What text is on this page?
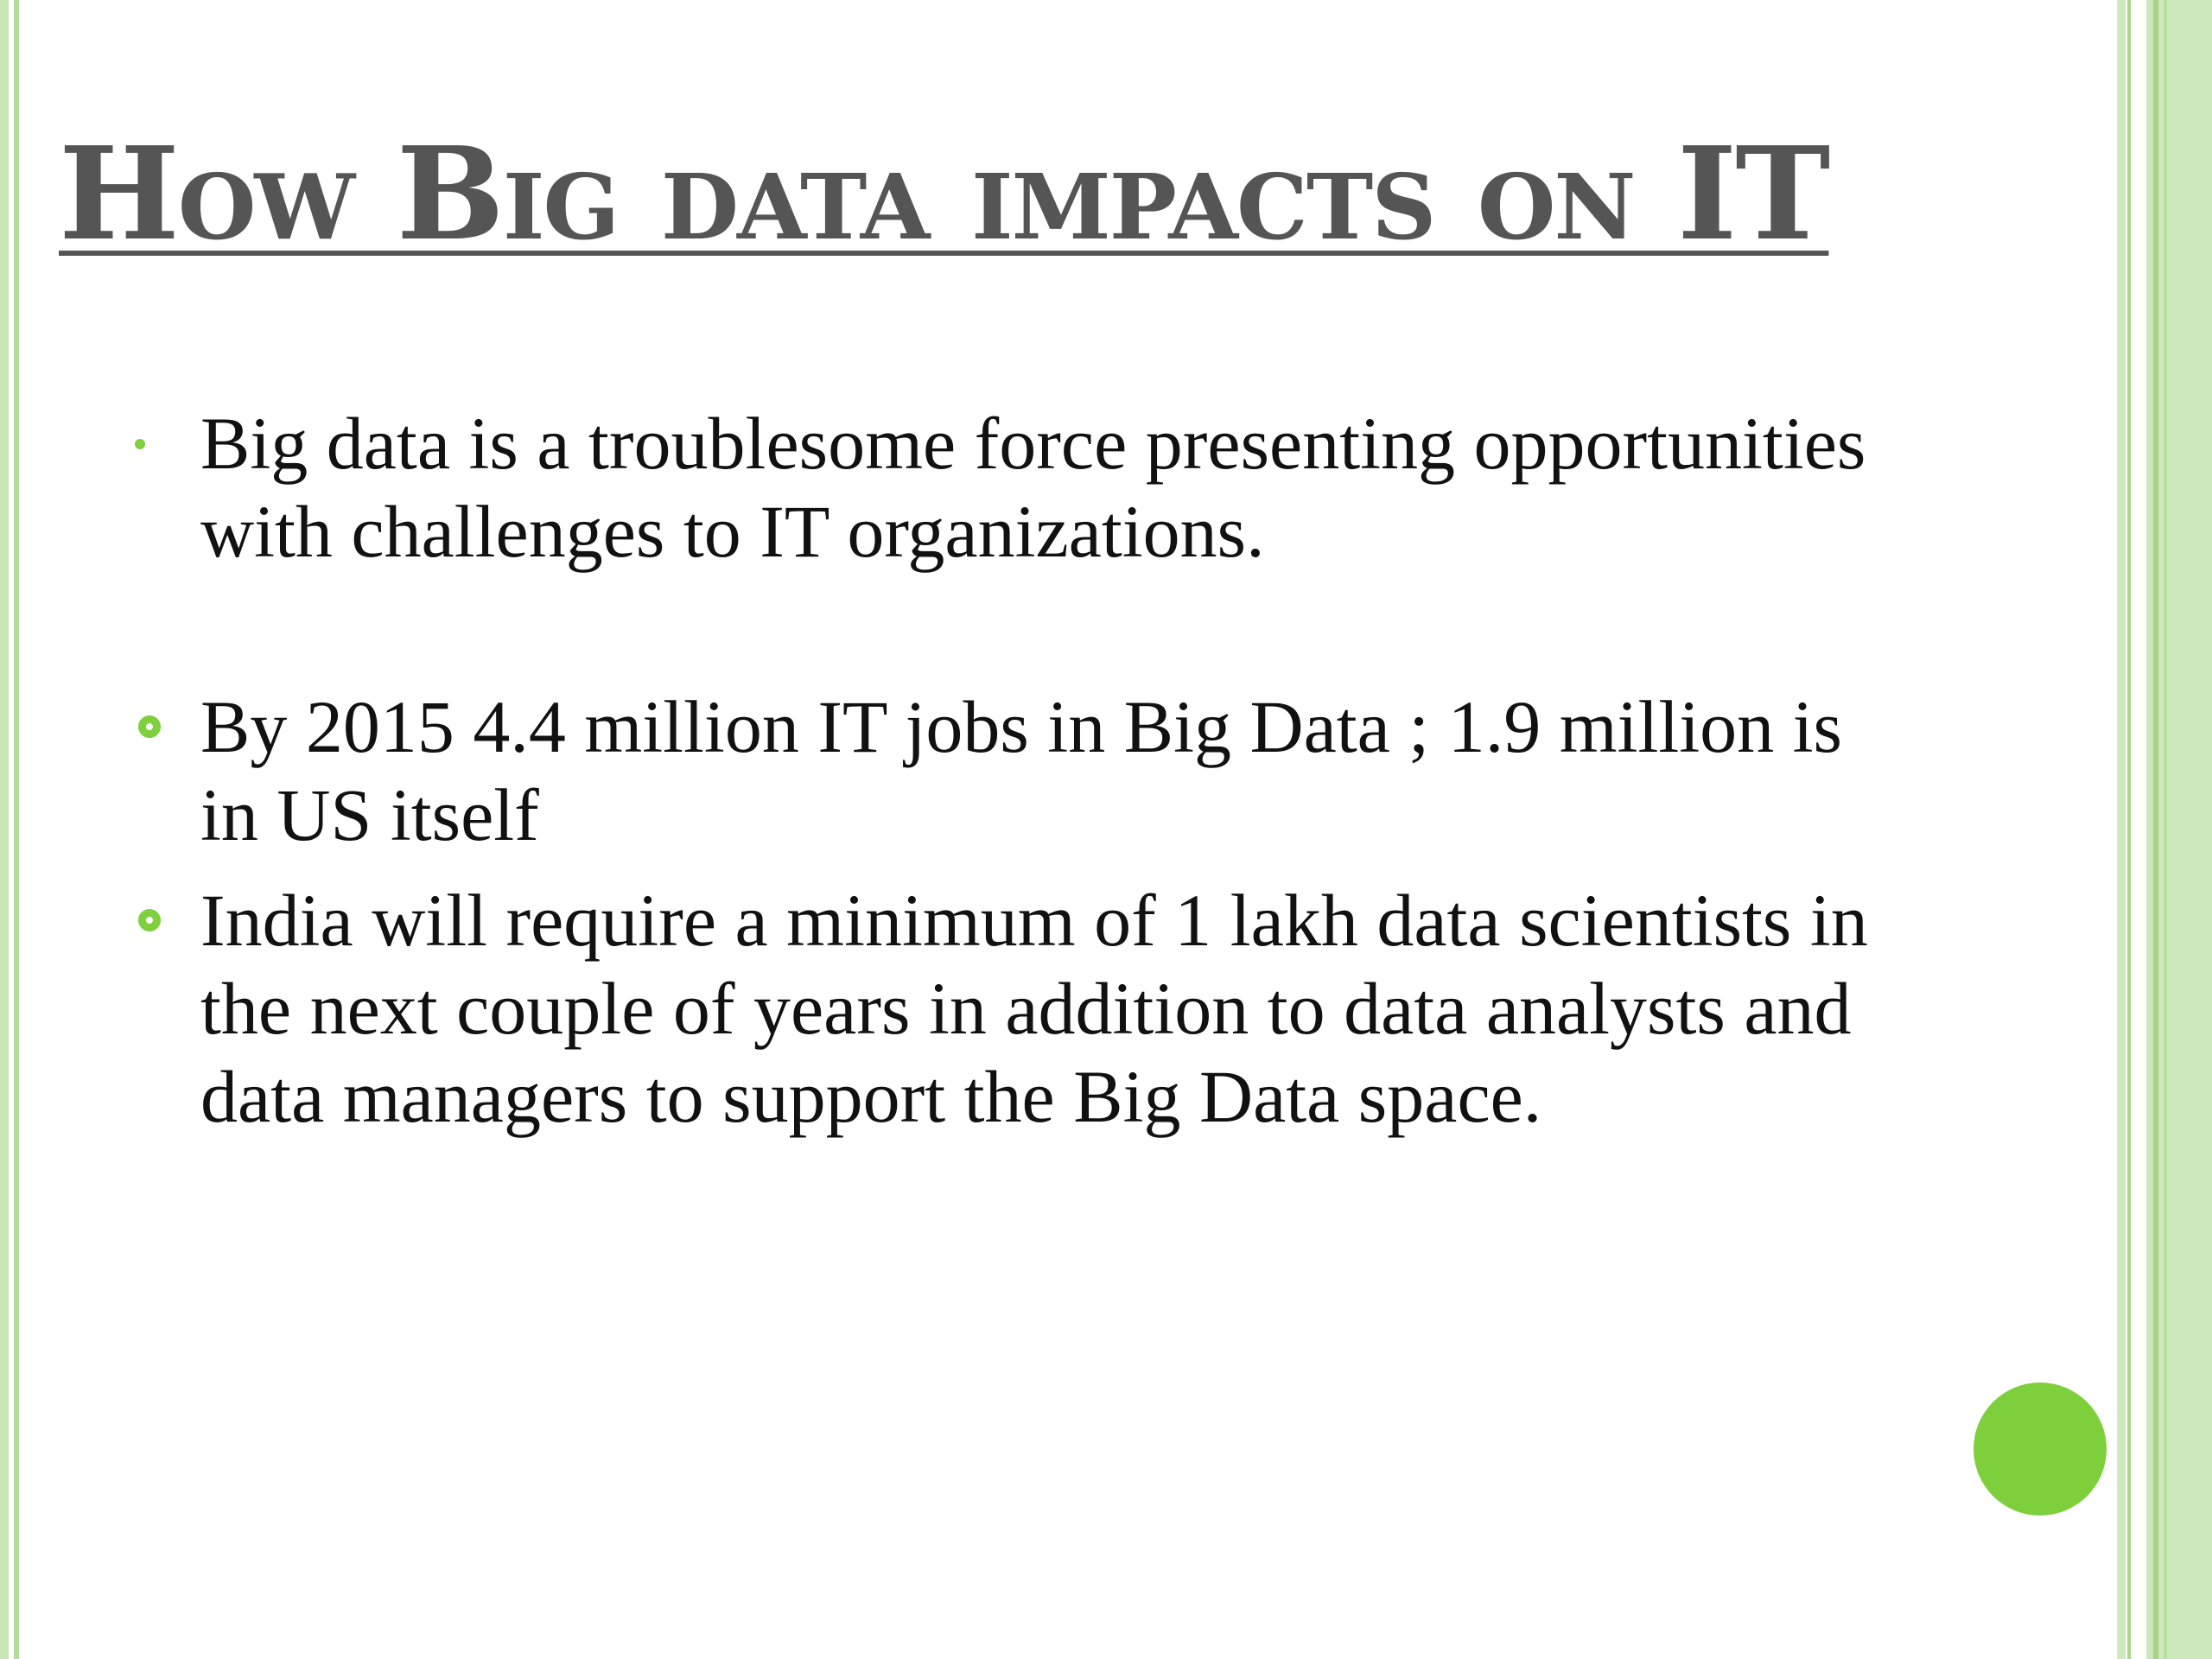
How Big data impacts on IT
Big data is a troublesome force presenting opportunities with challenges to IT organizations.
By 2015 4.4 million IT jobs in Big Data ; 1.9 million is in US itself
India will require a minimum of 1 lakh data scientists in the next couple of years in addition to data analysts and data managers to support the Big Data space.
